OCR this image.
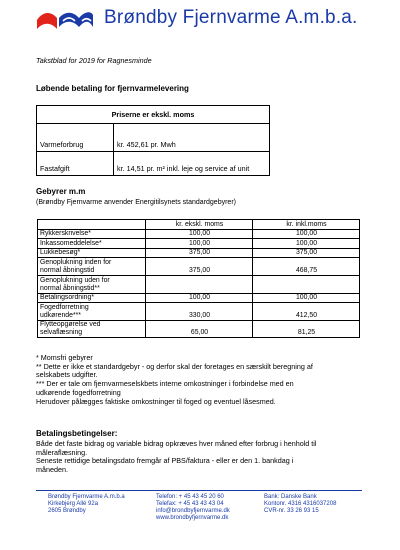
Brøndby Fjernvarme A.m.b.a.
Takstblad for 2019 for Ragnesminde
Løbende betaling for fjernvarmelevering
Priserne er ekskl. moms	
Varmeforbrug	kr. 452,61 pr. Mwh
Fastafgift	kr. 14,51 pr. m² inkl. leje og service af unit
Gebyrer m.m
(Brøndby Fjernvarme anvender Energitilsynets standardgebyrer)
	kr. ekskl. moms	kr. inkl.moms

Rykkerskrivelse*	100,00	100,00

Inkassomeddelelse*	100,00	100,00

Lukkebesøg*	375,00	375,00

Genoplukning inden for
normal åbningstid	375,00	468,75

Genoplukning uden for
normal åbningstid**		

Betalingsordning*	100,00	100,00

Fogedforretning
udkørende***	330,00	412,50

Flytteopgørelse ved
selvaflæsning	65,00	81,25
* Momsfri gebyrer
** Dette er ikke et standardgebyr - og derfor skal der foretages en særskilt beregning af
selskabets udgifter.
*** Der er tale om fjernvarmeselskbets interne omkostninger i forbindelse med en
udkørende fogedforretning
Herudover pålægges faktiske omkostninger til foged og eventuel låsesmed.
Betalingsbetingelser:
Både det faste bidrag og variable bidrag opkræves hver måned efter forbrug i henhold til
måleraflæsning.
Seneste rettidige betalingsdato fremgår af PBS/faktura - eller er den 1. bankdag i
måneden.
Brøndby Fjernvarme A.m.b.a
Kirkebjerg Allé 92a
2605 Brøndby
Telefon: + 45 43 45 20 60
Telefax: + 45 43 43 43 04
info@brondbyfjernvarme.dk
www.brondbyfjernvarme.dk
Bank: Danske Bank
Kontonr. 4316 4316037208
CVR-nr. 33 26 93 15
